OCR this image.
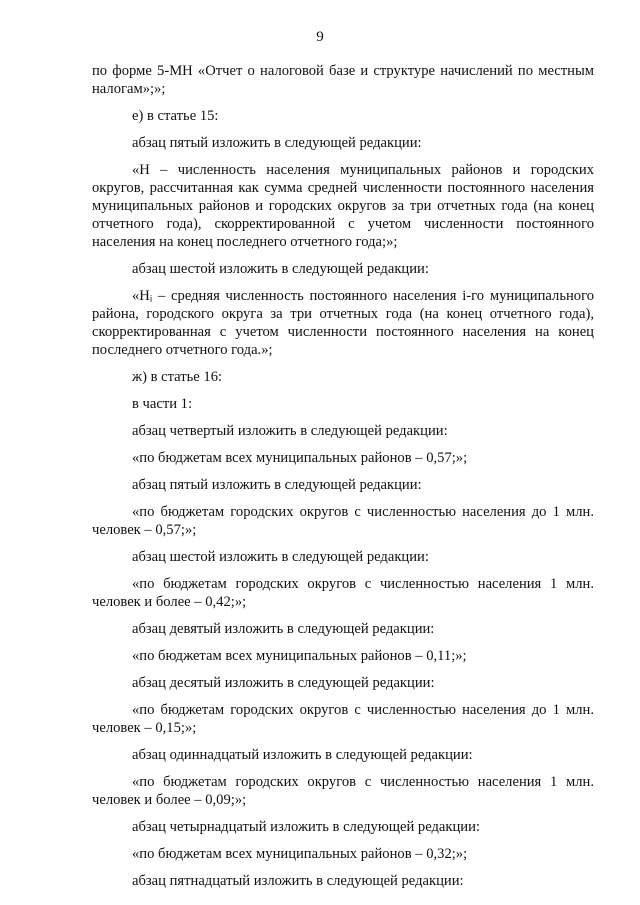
9

по форме 5-МН «Отчет о налоговой базе и структуре начислений по местным налогам»;»;

е) в статье 15:

абзац пятый изложить в следующей редакции:

«Н – численность населения муниципальных районов и городских округов, рассчитанная как сумма средней численности постоянного населения муниципальных районов и городских округов за три отчетных года (на конец отчетного года), скорректированной с учетом численности постоянного населения на конец последнего отчетного года;»;

абзац шестой изложить в следующей редакции:

«Нᵢ – средняя численность постоянного населения i-го муниципального района, городского округа за три отчетных года (на конец отчетного года), скорректированная с учетом численности постоянного населения на конец последнего отчетного года.»;

ж) в статье 16:

в части 1:

абзац четвертый изложить в следующей редакции:

«по бюджетам всех муниципальных районов – 0,57;»;

абзац пятый изложить в следующей редакции:

«по бюджетам городских округов с численностью населения до 1 млн. человек – 0,57;»;

абзац шестой изложить в следующей редакции:

«по бюджетам городских округов с численностью населения 1 млн. человек и более – 0,42;»;

абзац девятый изложить в следующей редакции:

«по бюджетам всех муниципальных районов – 0,11;»;

абзац десятый изложить в следующей редакции:

«по бюджетам городских округов с численностью населения до 1 млн. человек – 0,15;»;

абзац одиннадцатый изложить в следующей редакции:

«по бюджетам городских округов с численностью населения 1 млн. человек и более – 0,09;»;

абзац четырнадцатый изложить в следующей редакции:

«по бюджетам всех муниципальных районов – 0,32;»;

абзац пятнадцатый изложить в следующей редакции:
